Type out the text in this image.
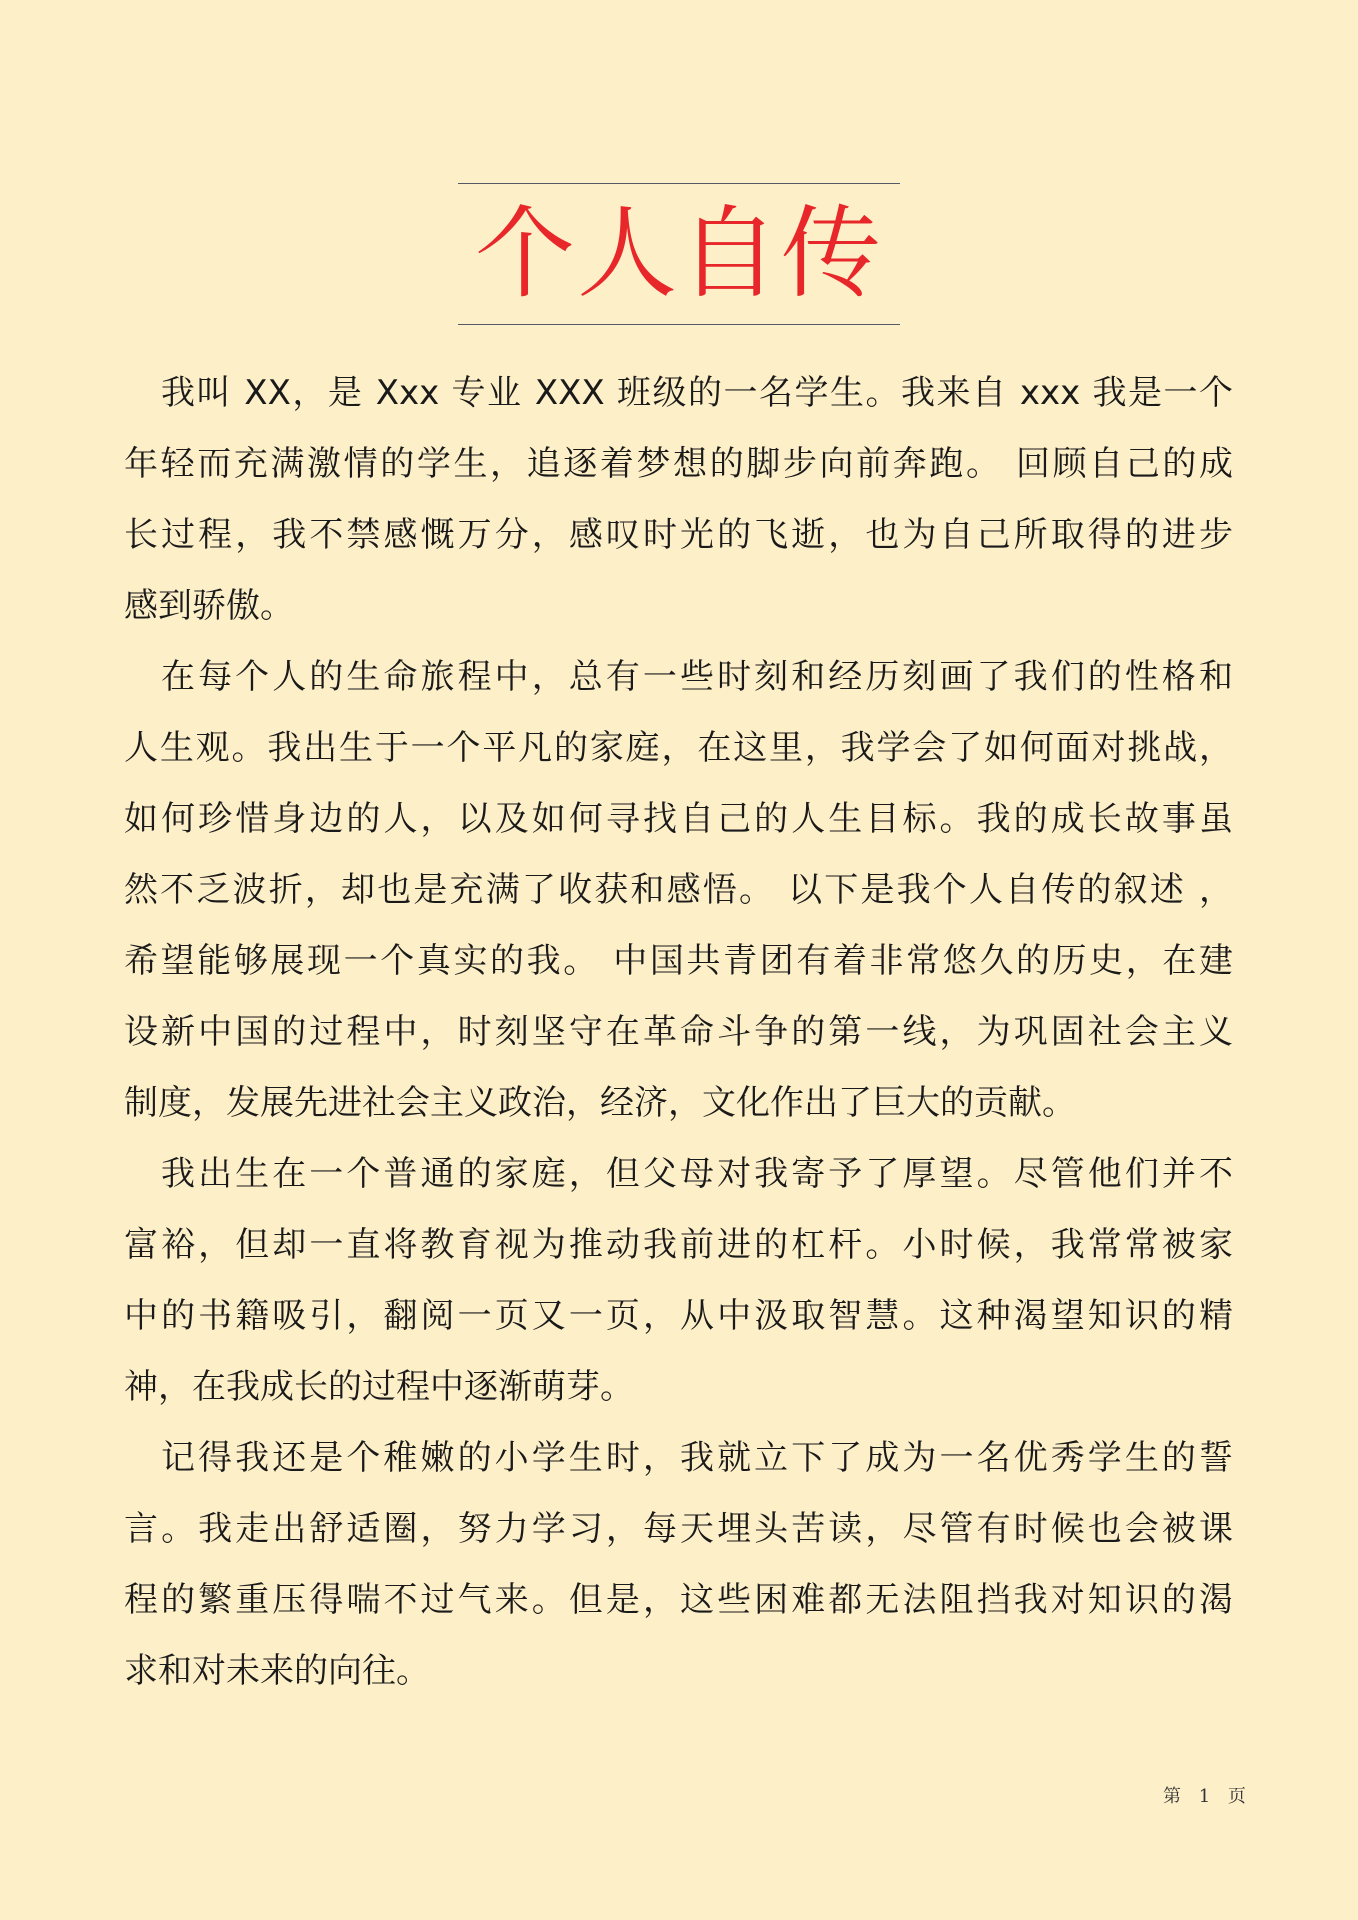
个人自传
我叫 XX，是 Xxx 专业 XXX 班级的一名学生。我来自 xxx 我是一个
年轻而充满激情的学生，追逐着梦想的脚步向前奔跑。 回顾自己的成
长过程，我不禁感慨万分，感叹时光的飞逝，也为自己所取得的进步
感到骄傲。
在每个人的生命旅程中，总有一些时刻和经历刻画了我们的性格和
人生观。我出生于一个平凡的家庭，在这里，我学会了如何面对挑战，
如何珍惜身边的人，以及如何寻找自己的人生目标。我的成长故事虽
然不乏波折，却也是充满了收获和感悟。 以下是我个人自传的叙述 ，
希望能够展现一个真实的我。 中国共青团有着非常悠久的历史，在建
设新中国的过程中，时刻坚守在革命斗争的第一线，为巩固社会主义
制度，发展先进社会主义政治，经济，文化作出了巨大的贡献。
我出生在一个普通的家庭，但父母对我寄予了厚望。尽管他们并不
富裕，但却一直将教育视为推动我前进的杠杆。小时候，我常常被家
中的书籍吸引，翻阅一页又一页，从中汲取智慧。这种渴望知识的精
神，在我成长的过程中逐渐萌芽。
记得我还是个稚嫩的小学生时，我就立下了成为一名优秀学生的誓
言。我走出舒适圈，努力学习，每天埋头苦读，尽管有时候也会被课
程的繁重压得喘不过气来。但是，这些困难都无法阻挡我对知识的渴
求和对未来的向往。
第 1 页
